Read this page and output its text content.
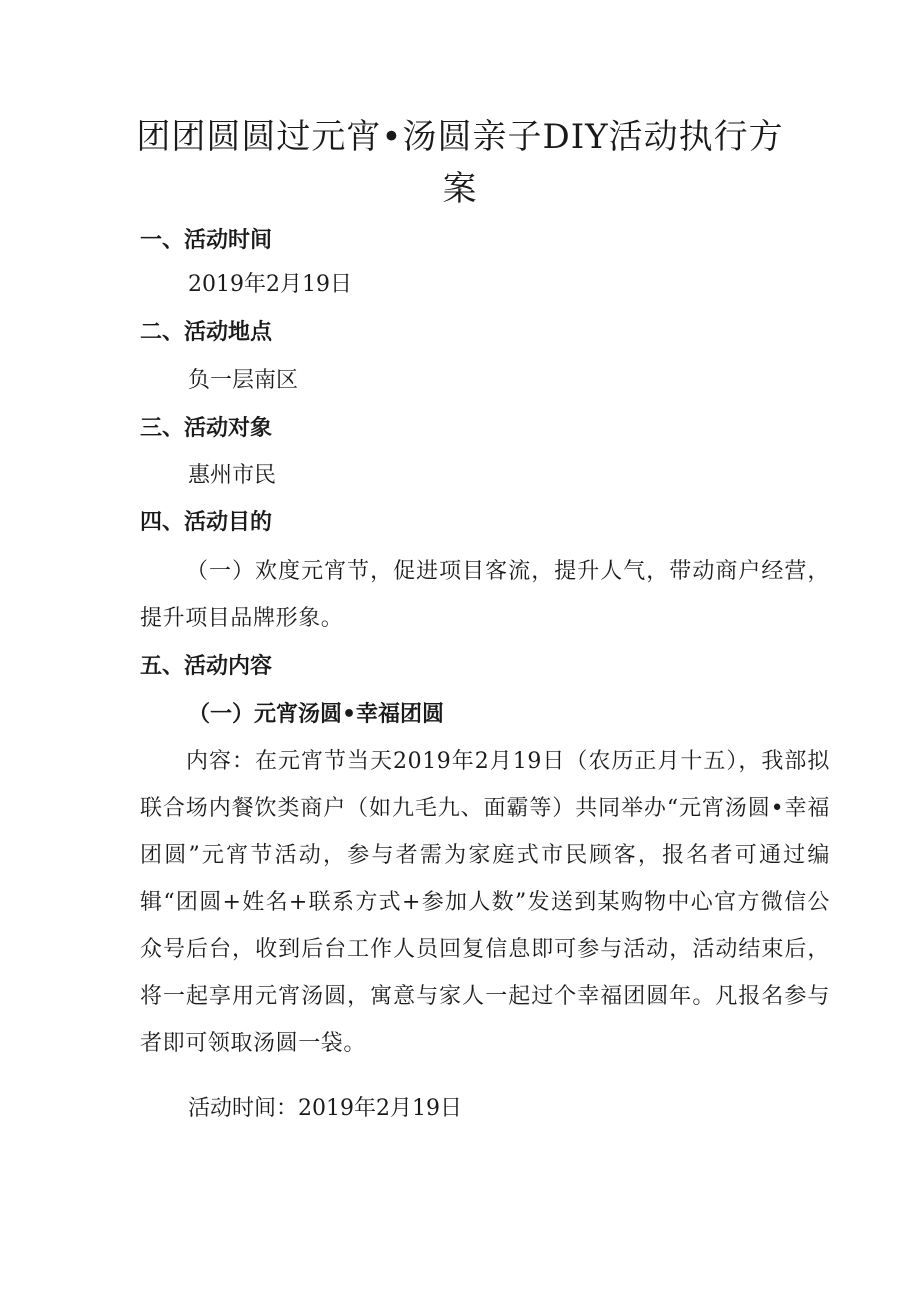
团团圆圆过元宵•汤圆亲子DIY活动执行方
案
一、活动时间

2019年2月19日

二、活动地点

负一层南区

三、活动对象

惠州市民

四、活动目的

（一）欢度元宵节，促进项目客流，提升人气，带动商户经营，提升项目品牌形象。

五、活动内容
（一）元宵汤圆•幸福团圆

内容：在元宵节当天2019年2月19日（农历正月十五），我部拟联合场内餐饮类商户（如九毛九、面霸等）共同举办“元宵汤圆•幸福团圆”元宵节活动，参与者需为家庭式市民顾客，报名者可通过编辑“团圆+姓名+联系方式+参加人数”发送到某购物中心官方微信公众号后台，收到后台工作人员回复信息即可参与活动，活动结束后，将一起享用元宵汤圆，寓意与家人一起过个幸福团圆年。凡报名参与者即可领取汤圆一袋。

活动时间：2019年2月19日
